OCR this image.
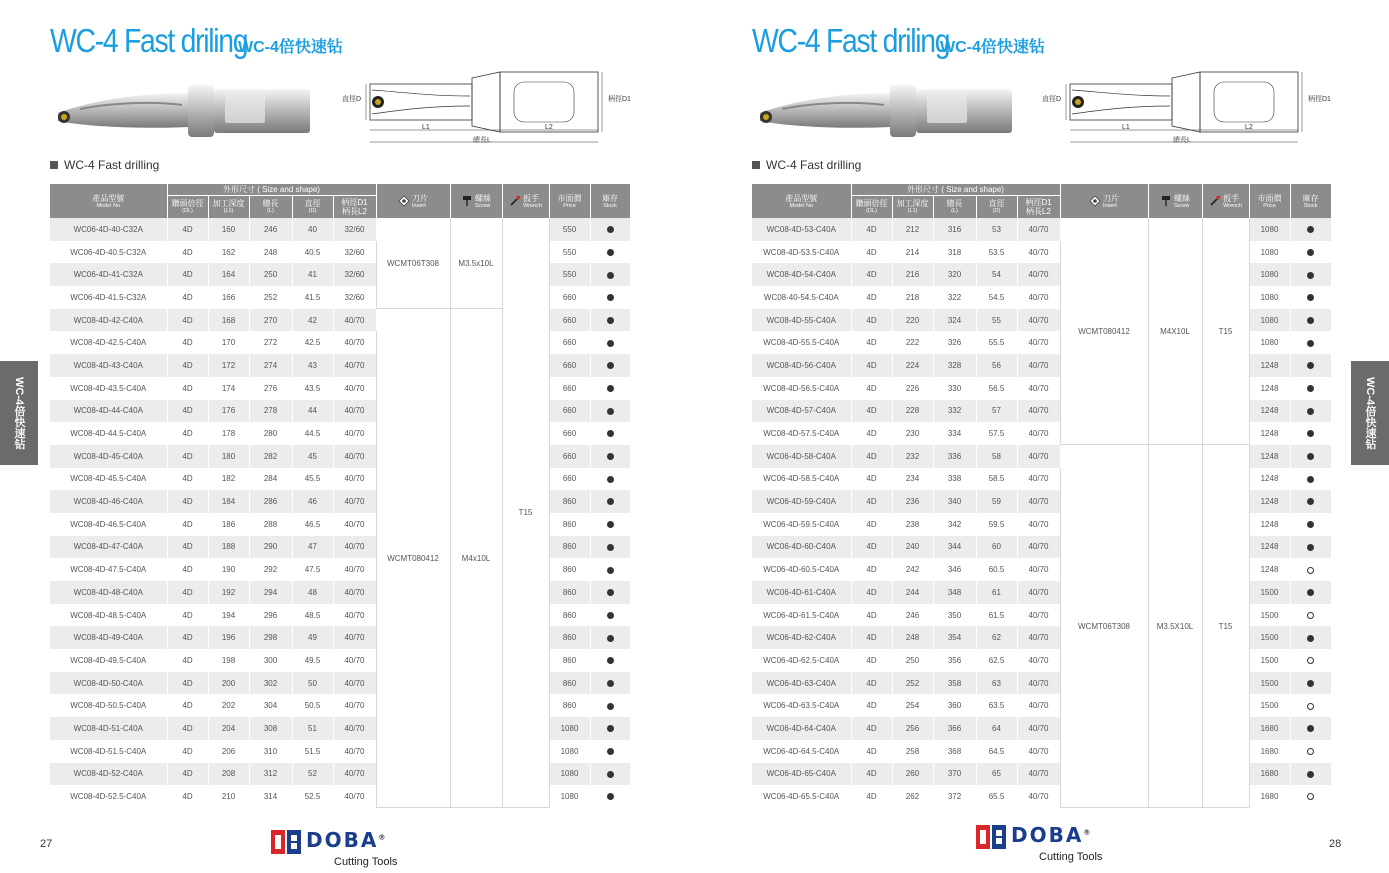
WC-4 Fast driling
WC-4倍快速钻
直徑D	柄徑D1
L1	L2
總長L
WC-4 Fast drilling
產品型號
Model No	外形尺寸 ( Size and shape)					刀片
Insert	螺絲
Screw	扳手
Wrench	市面價
Price	庫存
Stock

	鑽頭倍徑
(DL)	加工深度
(L1)	總長
(L)	直徑
(D)	柄徑D1
柄長L2					
WC06-4D-40-C32A	4D	160	246	40	32/60	WCMT06T308	M3.5x10L	T15	550	
WC06-4D-40.5-C32A	4D	162	248	40.5	32/60				550	
WC06-4D-41-C32A	4D	164	250	41	32/60				550	
WC06-4D-41.5-C32A	4D	166	252	41.5	32/60				660	
WC08-4D-42-C40A	4D	168	270	42	40/70	WCMT080412	M4x10L		660	
WC08-4D-42.5-C40A	4D	170	272	42.5	40/70				660	
WC08-4D-43-C40A	4D	172	274	43	40/70				660	
WC08-4D-43.5-C40A	4D	174	276	43.5	40/70				660	
WC08-4D-44-C40A	4D	176	278	44	40/70				660	
WC08-4D-44.5-C40A	4D	178	280	44.5	40/70				660	
WC08-4D-45-C40A	4D	180	282	45	40/70				660	
WC08-4D-45.5-C40A	4D	182	284	45.5	40/70				660	
WC08-4D-46-C40A	4D	184	286	46	40/70				860	
WC08-4D-46.5-C40A	4D	186	288	46.5	40/70				860	
WC08-4D-47-C40A	4D	188	290	47	40/70				860	
WC08-4D-47.5-C40A	4D	190	292	47.5	40/70				860	
WC08-4D-48-C40A	4D	192	294	48	40/70				860	
WC08-4D-48.5-C40A	4D	194	296	48.5	40/70				860	
WC08-4D-49-C40A	4D	196	298	49	40/70				860	
WC08-4D-49.5-C40A	4D	198	300	49.5	40/70				860	
WC08-4D-50-C40A	4D	200	302	50	40/70				860	
WC08-4D-50.5-C40A	4D	202	304	50.5	40/70				860	
WC08-4D-51-C40A	4D	204	308	51	40/70				1080	
WC08-4D-51.5-C40A	4D	206	310	51.5	40/70				1080	
WC08-4D-52-C40A	4D	208	312	52	40/70				1080	
WC08-4D-52.5-C40A	4D	210	314	52.5	40/70				1080	
WC-4 Fast driling
WC-4倍快速钻
直徑D	柄徑D1
L1	L2
總長L
WC-4 Fast drilling
產品型號
Model No	外形尺寸 ( Size and shape)					刀片
Insert	螺絲
Screw	扳手
Wrench	市面價
Price	庫存
Stock

	鑽頭倍徑
(DL)	加工深度
(L1)	總長
(L)	直徑
(D)	柄徑D1
柄長L2					
WC08-4D-53-C40A	4D	212	316	53	40/70	WCMT080412	M4X10L	T15	1080	
WC08-4D-53.5-C40A	4D	214	318	53.5	40/70				1080	
WC08-4D-54-C40A	4D	216	320	54	40/70				1080	
WC08-40-54.5-C40A	4D	218	322	54.5	40/70				1080	
WC08-4D-55-C40A	4D	220	324	55	40/70				1080	
WC08-4D-55.5-C40A	4D	222	326	55.5	40/70				1080	
WC08-4D-56-C40A	4D	224	328	56	40/70				1248	
WC08-4D-56.5-C40A	4D	226	330	56.5	40/70				1248	
WC08-4D-57-C40A	4D	228	332	57	40/70				1248	
WC08-4D-57.5-C40A	4D	230	334	57.5	40/70				1248	
WC06-4D-58-C40A	4D	232	336	58	40/70	WCMT06T308	M3.5X10L	T15	1248	
WC06-4D-58.5-C40A	4D	234	338	58.5	40/70				1248	
WC06-4D-59-C40A	4D	236	340	59	40/70				1248	
WC06-4D-59.5-C40A	4D	238	342	59.5	40/70				1248	
WC06-4D-60-C40A	4D	240	344	60	40/70				1248	
WC06-4D-60.5-C40A	4D	242	346	60.5	40/70				1248	
WC06-4D-61-C40A	4D	244	348	61	40/70				1500	
WC06-4D-61.5-C40A	4D	246	350	61.5	40/70				1500	
WC06-4D-62-C40A	4D	248	354	62	40/70				1500	
WC06-4D-62.5-C40A	4D	250	356	62.5	40/70				1500	
WC06-4D-63-C40A	4D	252	358	63	40/70				1500	
WC06-4D-63.5-C40A	4D	254	360	63.5	40/70				1500	
WC06-4D-64-C40A	4D	256	366	64	40/70				1680	
WC06-4D-64.5-C40A	4D	258	368	64.5	40/70				1680	
WC06-4D-65-C40A	4D	260	370	65	40/70				1680	
WC06-4D-65.5-C40A	4D	262	372	65.5	40/70				1680	
WC-4倍快速钻	WC-4倍快速钻
27	28
DOBA®
Cutting Tools
DOBA®
Cutting Tools
